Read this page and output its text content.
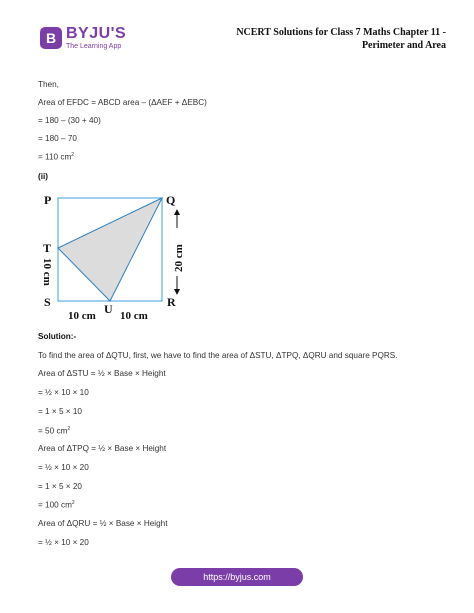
B BYJU'S
The Learning App
NCERT Solutions for Class 7 Maths Chapter 11 -
Perimeter and Area
Then,
Area of EFDC = ABCD area – (ΔAEF + ΔEBC)
= 180 – (30 + 40)
= 180 – 70
= 110 $cm^2$
(ii)
P	Q
T
S	U	R
10 cm	20 cm
10 cm 10 cm
Solution:-
To find the area of ΔQTU, first, we have to find the area of ΔSTU, ΔTPQ, ΔQRU and square PQRS.
Area of ΔSTU = ½ × Base × Height
= ½ × 10 × 10
= 1 × 5 × 10
= 50 $cm^2$
Area of ΔTPQ = ½ × Base × Height
= ½ × 10 × 20
= 1 × 5 × 20
= 100 $cm^2$
Area of ΔQRU = ½ × Base × Height
= ½ × 10 × 20
https://byjus.com
